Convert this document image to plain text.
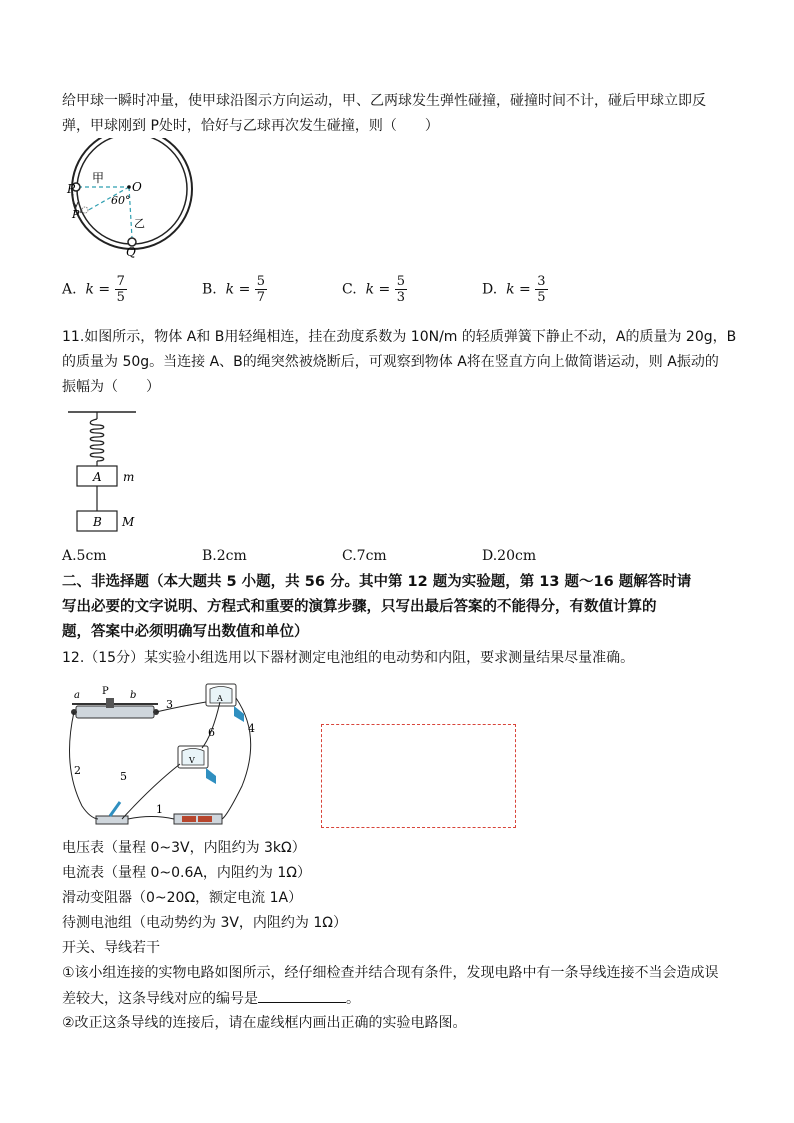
给甲球一瞬时冲量，使甲球沿图示方向运动，甲、乙两球发生弹性碰撞，碰撞时间不计，碰后甲球立即反
弹，甲球刚到 P处时，恰好与乙球再次发生碰撞，则（　　）
甲
P	O
P'
60°
乙
Q
A. $k = \frac{7}{5}$	B. $k = \frac{5}{7}$	C. $k = \frac{5}{3}$	D. $k = \frac{3}{5}$
11.如图所示，物体 A和 B用轻绳相连，挂在劲度系数为 10N/m 的轻质弹簧下静止不动，A的质量为 20g，B
的质量为 50g。当连接 A、B的绳突然被烧断后，可观察到物体 A将在竖直方向上做简谐运动，则 A振动的
振幅为（　　）
A m
B M
A.5cm	B.2cm	C.7cm	D.20cm
二、非选择题（本大题共 5 小题，共 56 分。其中第 12 题为实验题，第 13 题～16 题解答时请
写出必要的文字说明、方程式和重要的演算步骤，只写出最后答案的不能得分，有数值计算的
题，答案中必须明确写出数值和单位）
12.（15分）某实验小组选用以下器材测定电池组的电动势和内阻，要求测量结果尽量准确。
a P b	A
V
1
2
3
4
5
6
电压表（量程 0~3V，内阻约为 3kΩ）
电流表（量程 0~0.6A，内阻约为 1Ω）
滑动变阻器（0~20Ω，额定电流 1A）
待测电池组（电动势约为 3V，内阻约为 1Ω）
开关、导线若干
①该小组连接的实物电路如图所示，经仔细检查并结合现有条件，发现电路中有一条导线连接不当会造成误
差较大，这条导线对应的编号是	。
②改正这条导线的连接后，请在虚线框内画出正确的实验电路图。
